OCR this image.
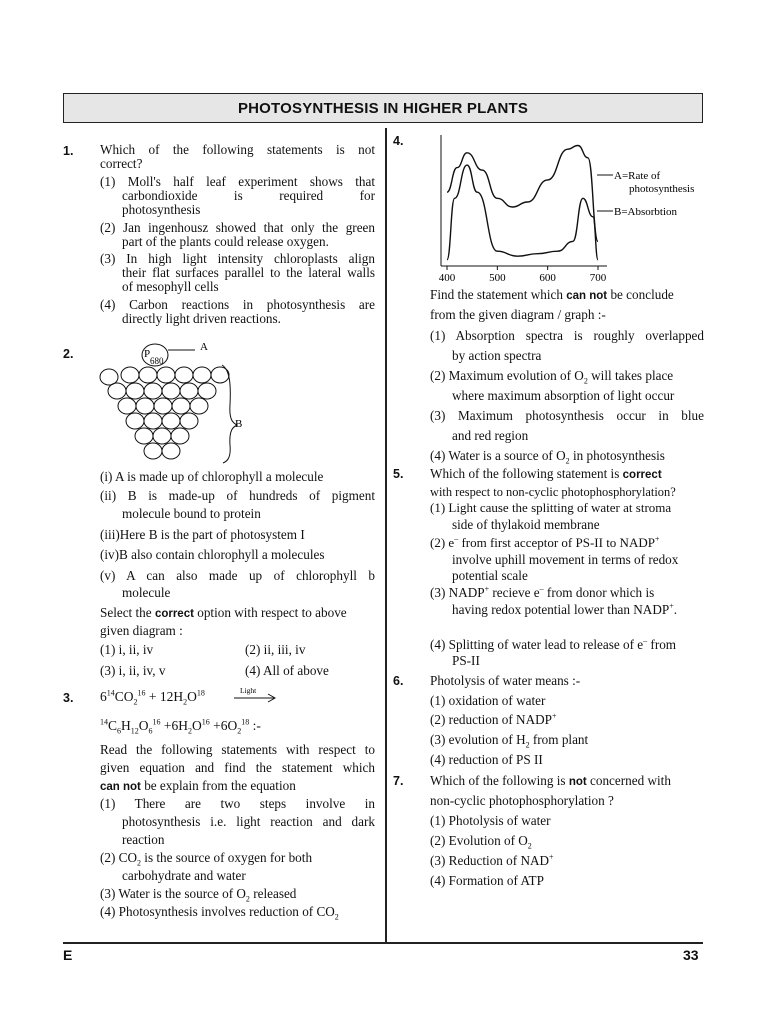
PHOTOSYNTHESIS IN HIGHER PLANTS
E	33
1. Which of the following statements is not
correct?
(1) Moll's half leaf experiment shows that
carbondioxide is required for
photosynthesis
(2) Jan ingenhousz showed that only the green
part of the plants could release oxygen.
(3) In high light intensity chloroplasts align
their flat surfaces parallel to the lateral walls
of mesophyll cells
(4) Carbon reactions in photosynthesis are
directly light driven reactions.
2.	P
680
A
B
(i) A is made up of chlorophyll a molecule
(ii) B is made-up of hundreds of pigment
molecule bound to protein
(iii)Here B is the part of photosystem I
(iv)B also contain chlorophyll a molecules
(v) A can also made up of chlorophyll b
molecule
Select the correct option with respect to above
given diagram :
(1) i, ii, iv	(2) ii, iii, iv
(3) i, ii, iv, v	(4) All of above
3. $6^{14}CO_2^{16} + 12H_2O^{18}$	Light
$^{14}C_6H_{12}O_6^{16} +6H_2O^{16} +6O_2^{18}$ :-
Read the following statements with respect to
given equation and find the statement which
can not be explain from the equation
(1) There are two steps involve in
photosynthesis i.e. light reaction and dark
reaction
(2) $CO_2$ is the source of oxygen for both
carbohydrate and water
(3) Water is the source of $O_2$ released
(4) Photosynthesis involves reduction of $CO_2$
4.
400	500	600	700
A=Rate of
photosynthesis
B=Absorbtion
Find the statement which can not be conclude
from the given diagram / graph :-
(1) Absorption spectra is roughly overlapped
by action spectra
(2) Maximum evolution of $O_2$ will takes place
where maximum absorption of light occur
(3) Maximum photosynthesis occur in blue
and red region
(4) Water is a source of $O_2$ in photosynthesis
5. Which of the following statement is correct
with respect to non-cyclic photophosphorylation?
(1) Light cause the splitting of water at stroma
side of thylakoid membrane
(2) e– from first acceptor of PS-II to NADP+
involve uphill movement in terms of redox
potential scale
(3) NADP+ recieve e– from donor which is
having redox potential lower than NADP+.
(4) Splitting of water lead to release of e– from
PS-II
6. Photolysis of water means :-
(1) oxidation of water
(2) reduction of NADP+
(3) evolution of $H_2$ from plant
(4) reduction of PS II
7. Which of the following is not concerned with
non-cyclic photophosphorylation ?
(1) Photolysis of water
(2) Evolution of $O_2$
(3) Reduction of NAD+
(4) Formation of ATP
